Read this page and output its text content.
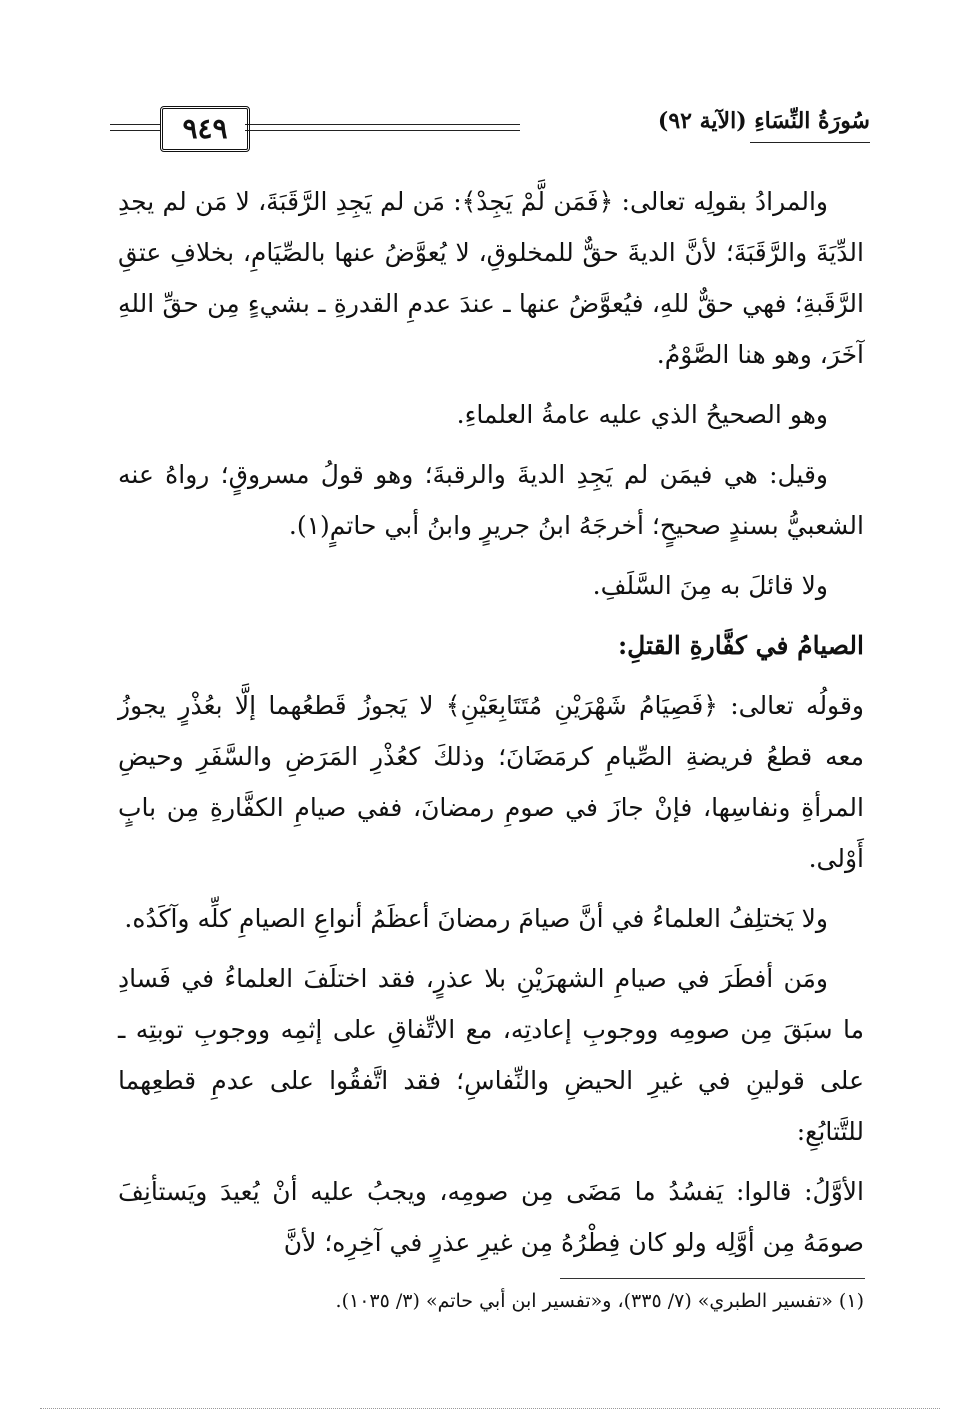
سُورَةُ النِّسَاءِ (الآية ٩٢)
٩٤٩

والمرادُ بقولِه تعالى: ﴿فَمَن لَّمْ يَجِدْ﴾: مَن لم يَجِدِ الرَّقَبَةَ، لا مَن لم يجدِ الدِّيَةَ والرَّقَبَةَ؛ لأنَّ الديةَ حقٌّ للمخلوقِ، لا يُعوَّضُ عنها بالصِّيَامِ، بخلافِ عتقِ الرَّقَبةِ؛ فهي حقٌّ للهِ، فيُعوَّضُ عنها ـ عندَ عدمِ القدرةِ ـ بشيءٍ مِن حقِّ اللهِ آخَرَ، وهو هنا الصَّوْمُ.

وهو الصحيحُ الذي عليه عامةُ العلماءِ.

وقيل: هي فيمَن لم يَجِدِ الديةَ والرقبةَ؛ وهو قولُ مسروقٍ؛ رواهُ عنه الشعبيُّ بسندٍ صحيحٍ؛ أخرجَهُ ابنُ جريرٍ وابنُ أبي حاتمٍ(١).

ولا قائلَ به مِنَ السَّلَفِ.

الصيامُ في كفَّارةِ القتلِ:

وقولُه تعالى: ﴿فَصِيَامُ شَهْرَيْنِ مُتَتَابِعَيْنِ﴾ لا يَجوزُ قَطعُهما إلَّا بعُذْرٍ يجوزُ معه قطعُ فريضةِ الصِّيامِ كرمَضَانَ؛ وذلكَ كعُذْرِ المَرَضِ والسَّفَرِ وحيضِ المرأةِ ونفاسِها، فإنْ جازَ في صومِ رمضانَ، ففي صيامِ الكفَّارةِ مِن بابٍ أَوْلى.

ولا يَختلِفُ العلماءُ في أنَّ صيامَ رمضانَ أعظَمُ أنواعِ الصيامِ كلِّه وآكَدُه.

ومَن أفطَرَ في صيامِ الشهرَيْنِ بلا عذرٍ، فقد اختلَفَ العلماءُ في فَسادِ ما سبَقَ مِن صومِه ووجوبِ إعادتِه، مع الاتِّفاقِ على إثمِه ووجوبِ توبتِه ـ على قولينِ في غيرِ الحيضِ والنِّفاسِ؛ فقد اتَّفقُوا على عدمِ قطعِهما للتَّتابُعِ:

الأوَّلُ: قالوا: يَفسُدُ ما مَضَى مِن صومِه، ويجبُ عليه أنْ يُعيدَ ويَستأنِفَ صومَهُ مِن أوَّلِه ولو كان فِطْرُهُ مِن غيرِ عذرٍ في آخِرِه؛ لأنَّ

(١) «تفسير الطبري» (٧/ ٣٣٥)، و«تفسير ابن أبي حاتم» (٣/ ١٠٣٥).
